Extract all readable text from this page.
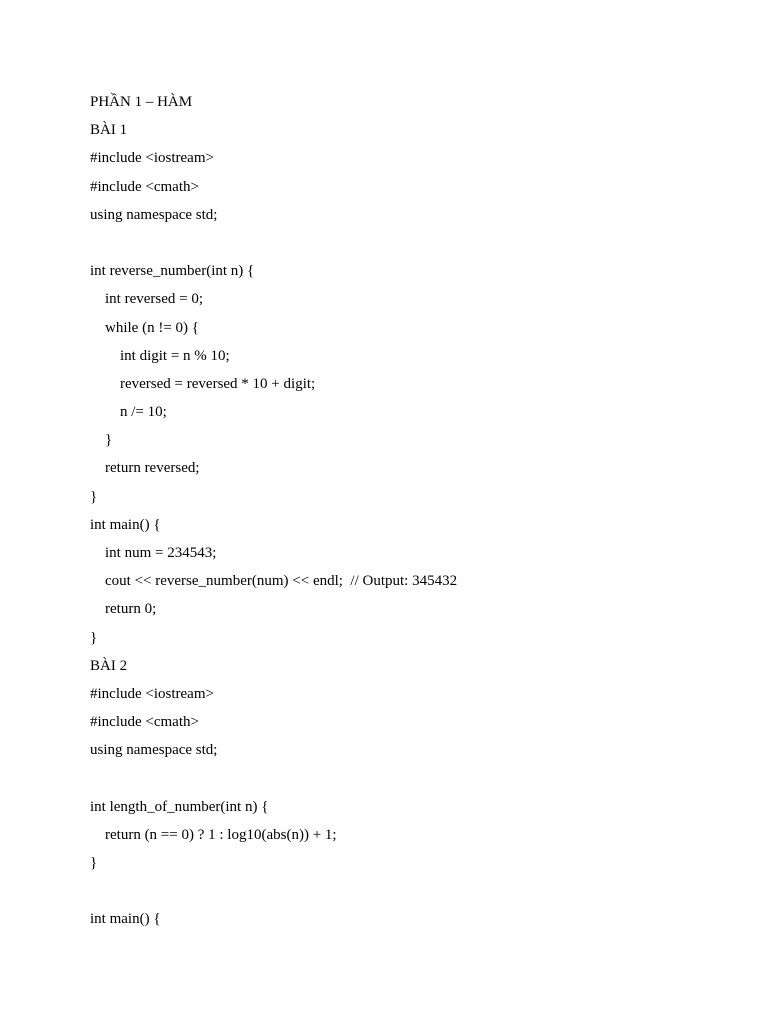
PHẦN 1 – HÀM
BÀI 1
#include <iostream>
#include <cmath>
using namespace std;
int reverse_number(int n) {
int reversed = 0;
while (n != 0) {
int digit = n % 10;
reversed = reversed * 10 + digit;
n /= 10;
}
return reversed;
}
int main() {
int num = 234543;
cout << reverse_number(num) << endl;  // Output: 345432
return 0;
}
BÀI 2
#include <iostream>
#include <cmath>
using namespace std;
int length_of_number(int n) {
return (n == 0) ? 1 : log10(abs(n)) + 1;
}
int main() {
